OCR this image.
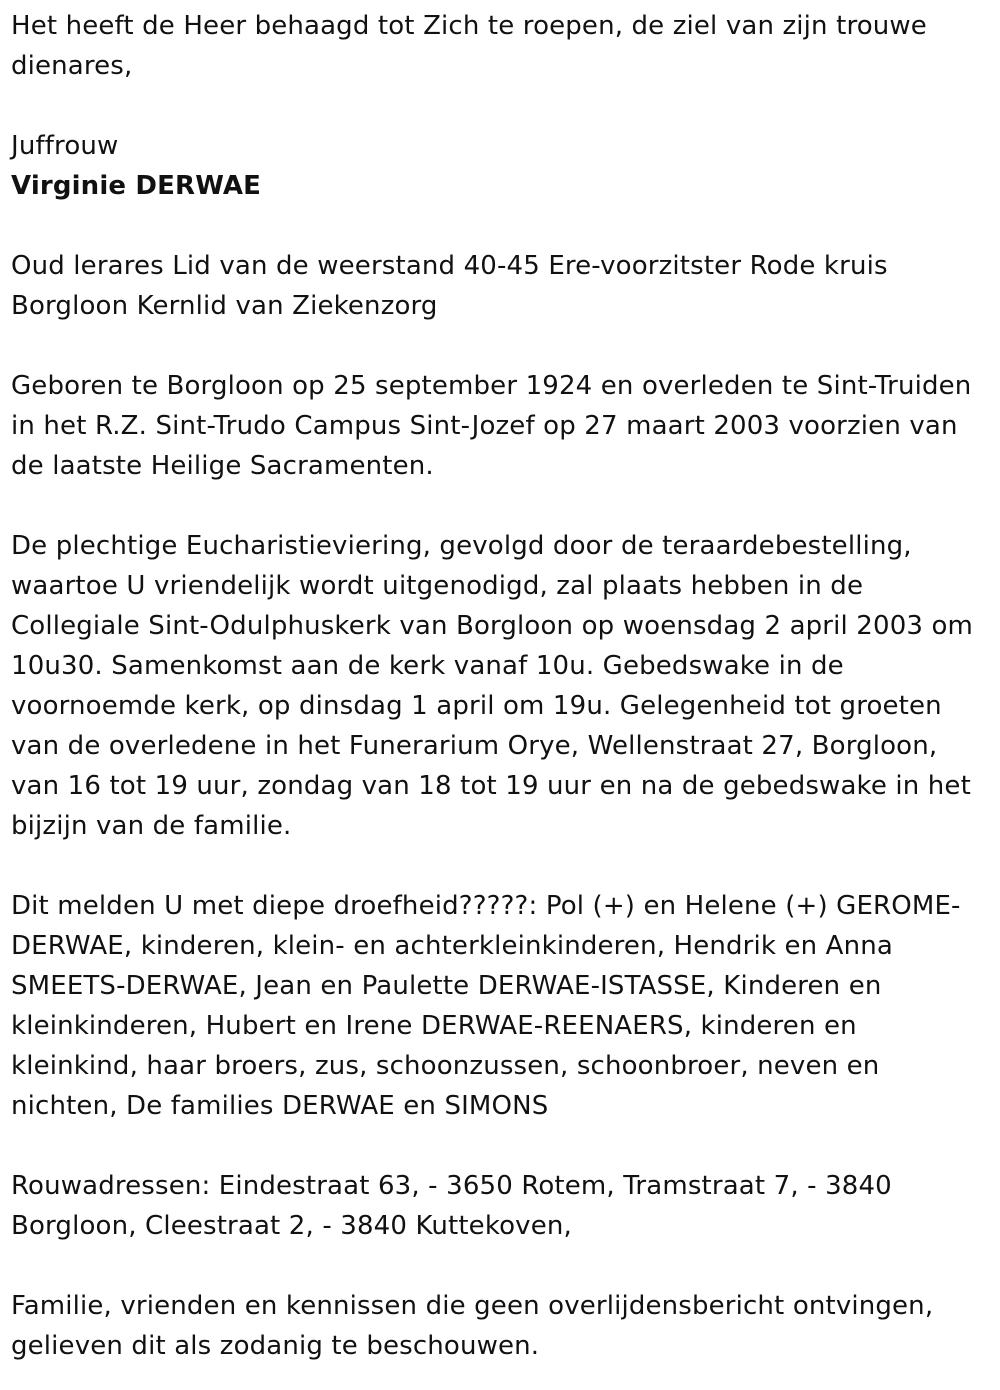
Het heeft de Heer behaagd tot Zich te roepen, de ziel van zijn trouwe dienares,

Juffrouw

Virginie DERWAE

Oud lerares Lid van de weerstand 40-45 Ere-voorzitster Rode kruis Borgloon Kernlid van Ziekenzorg

Geboren te Borgloon op 25 september 1924 en overleden te Sint-Truiden in het R.Z. Sint-Trudo Campus Sint-Jozef op 27 maart 2003 voorzien van de laatste Heilige Sacramenten.

De plechtige Eucharistieviering, gevolgd door de teraardebestelling, waartoe U vriendelijk wordt uitgenodigd, zal plaats hebben in de Collegiale Sint-Odulphuskerk van Borgloon op woensdag 2 april 2003 om 10u30. Samenkomst aan de kerk vanaf 10u. Gebedswake in de voornoemde kerk, op dinsdag 1 april om 19u. Gelegenheid tot groeten van de overledene in het Funerarium Orye, Wellenstraat 27, Borgloon, van 16 tot 19 uur, zondag van 18 tot 19 uur en na de gebedswake in het bijzijn van de familie.

Dit melden U met diepe droefheid?????: Pol (+) en Helene (+) GEROME-DERWAE, kinderen, klein- en achterkleinkinderen, Hendrik en Anna SMEETS-DERWAE, Jean en Paulette DERWAE-ISTASSE, Kinderen en kleinkinderen, Hubert en Irene DERWAE-REENAERS, kinderen en kleinkind, haar broers, zus, schoonzussen, schoonbroer, neven en nichten, De families DERWAE en SIMONS

Rouwadressen: Eindestraat 63, - 3650 Rotem, Tramstraat 7, - 3840 Borgloon, Cleestraat 2, - 3840 Kuttekoven,

Familie, vrienden en kennissen die geen overlijdensbericht ontvingen, gelieven dit als zodanig te beschouwen.
